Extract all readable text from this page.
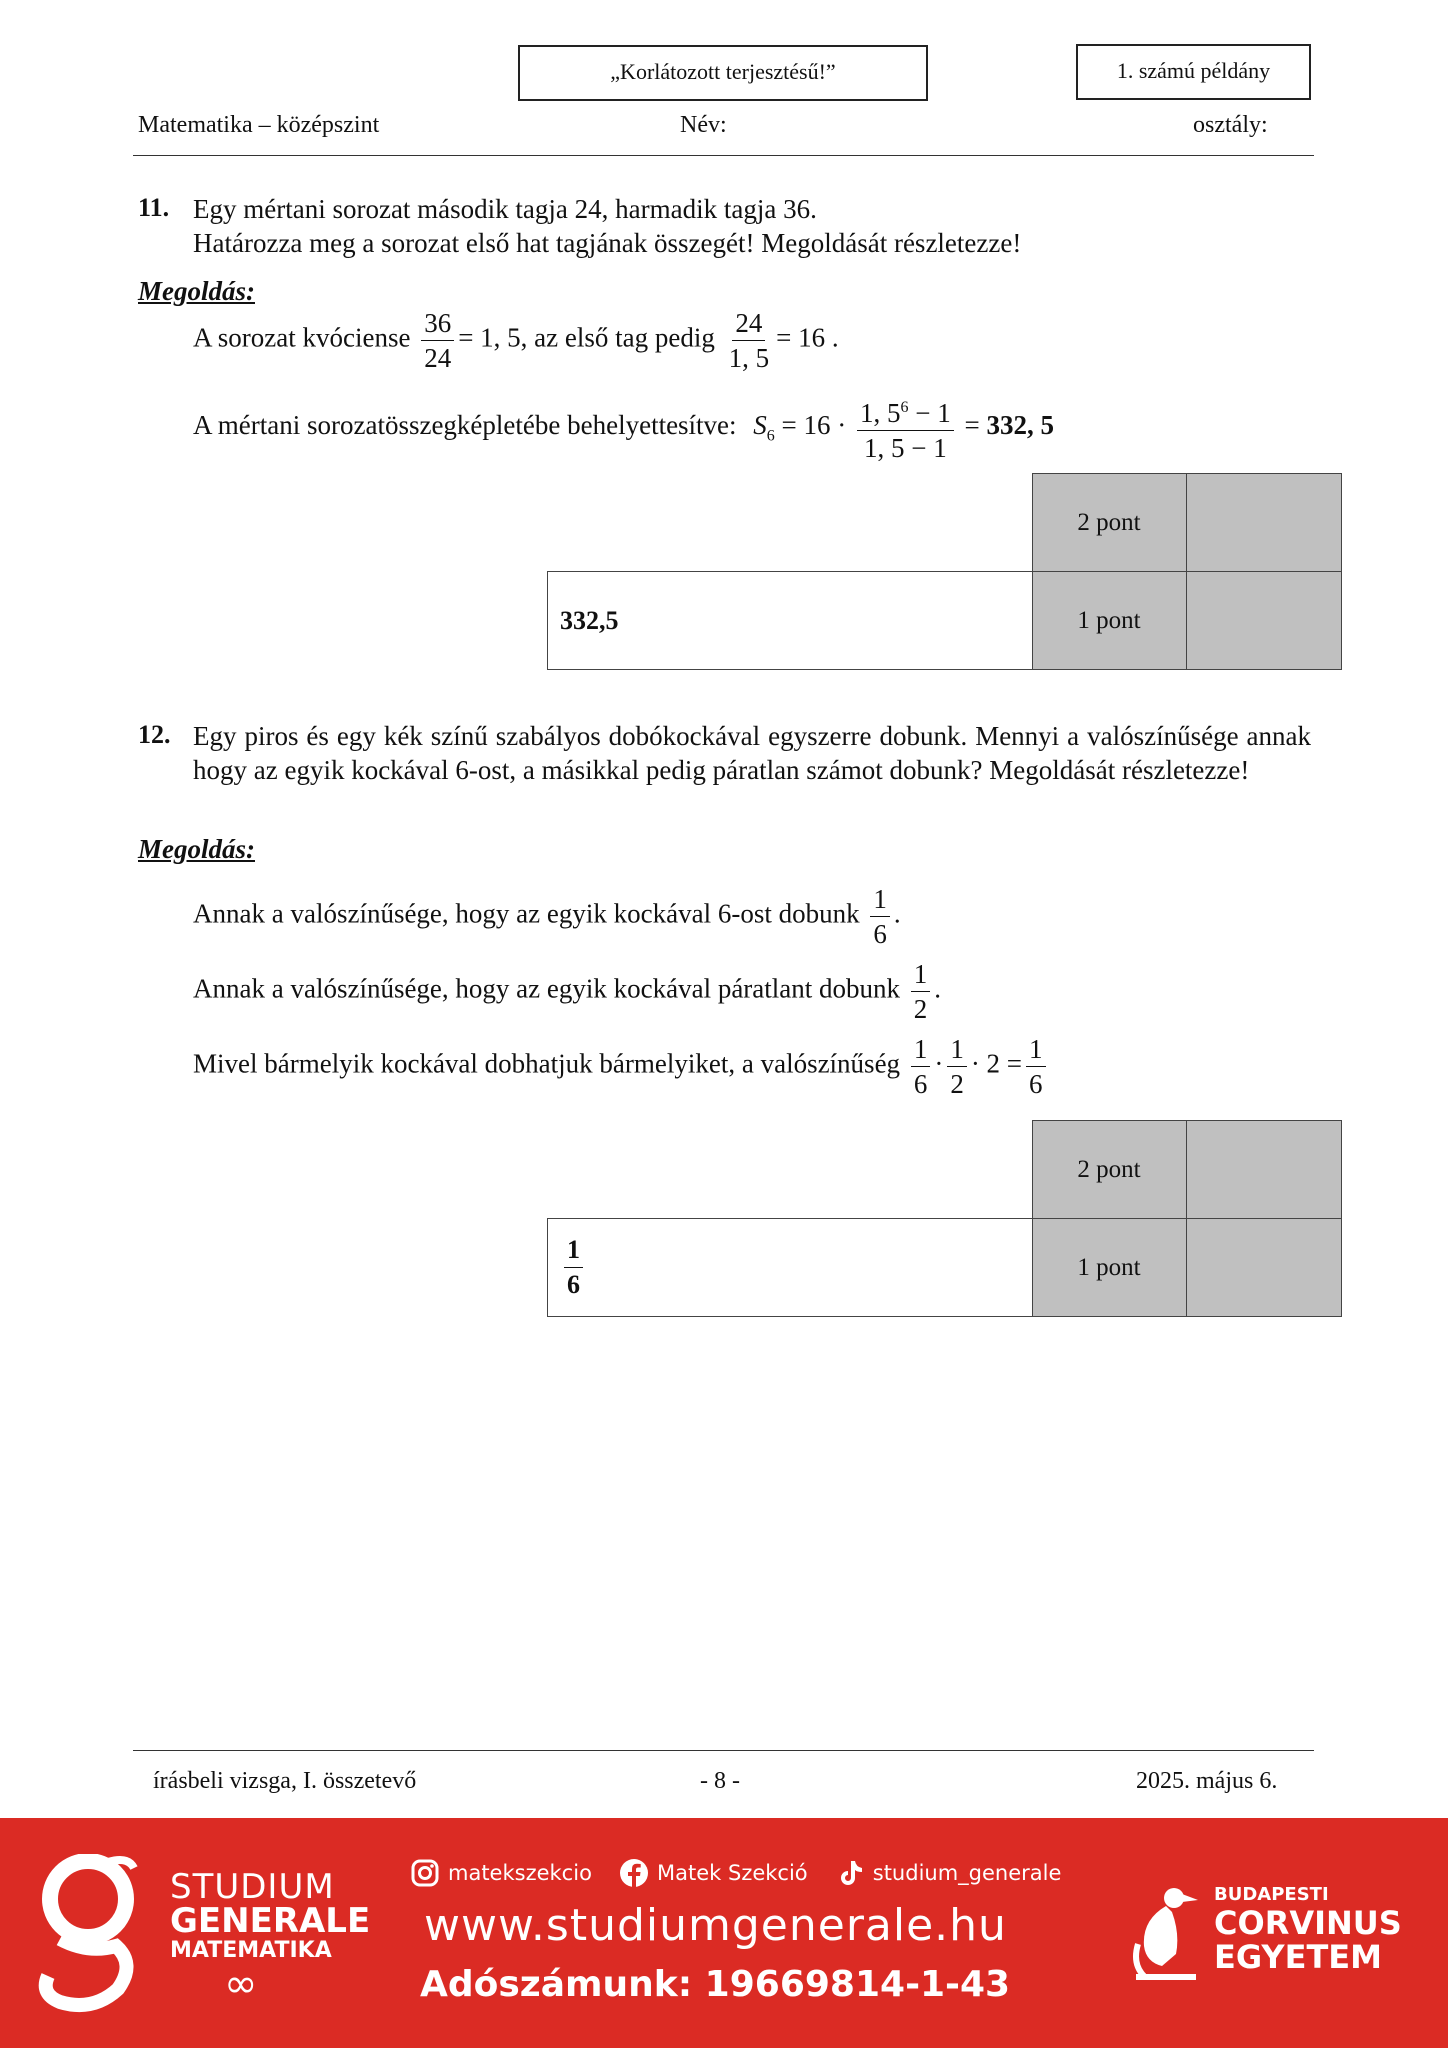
„Korlátozott terjesztésű!”	1. számú példány
Matematika – középszint	Név:	osztály:
11. Egy mértani sorozat második tagja 24, harmadik tagja 36.
Határozza meg a sorozat első hat tagjának összegét! Megoldását részletezze!
Megoldás:
A sorozat kvóciense $\frac{36}{24} = 1$, 5, az első tag pedig $\frac{24}{1, 5} = 16$ .
A mértani sorozatösszegképletébe behelyettesítve: $S_6 = 16 \cdot \frac{1, 5^6 - 1}{1, 5 - 1} = 332$, 5
	2 pont	
332,5	1 pont	
12. Egy piros és egy kék színű szabályos dobókockával egyszerre dobunk. Mennyi a valószínűsége annak hogy az egyik kockával 6-ost, a másikkal pedig páratlan számot dobunk? Megoldását részletezze!
Megoldás:
Annak a valószínűsége, hogy az egyik kockával 6-ost dobunk $\frac{1}{6}$ .
Annak a valószínűsége, hogy az egyik kockával páratlant dobunk $\frac{1}{2}$ .
Mivel bármelyik kockával dobhatjuk bármelyiket, a valószínűség $\frac{1}{6} \cdot \frac{1}{2} \cdot 2 = \frac{1}{6}$
	2 pont	

$\frac{1}{6}$	1 pont	
írásbeli vizsga, I. összetevő	- 8 -	2025. május 6.
STUDIUM
GENERALE
MATEMATIKA
∞
matekszekcio
	Matek Szekció
	studium_generale
www.studiumgenerale.hu
Adószámunk: 19669814-1-43
BUDAPESTI
CORVINUS
EGYETEM
